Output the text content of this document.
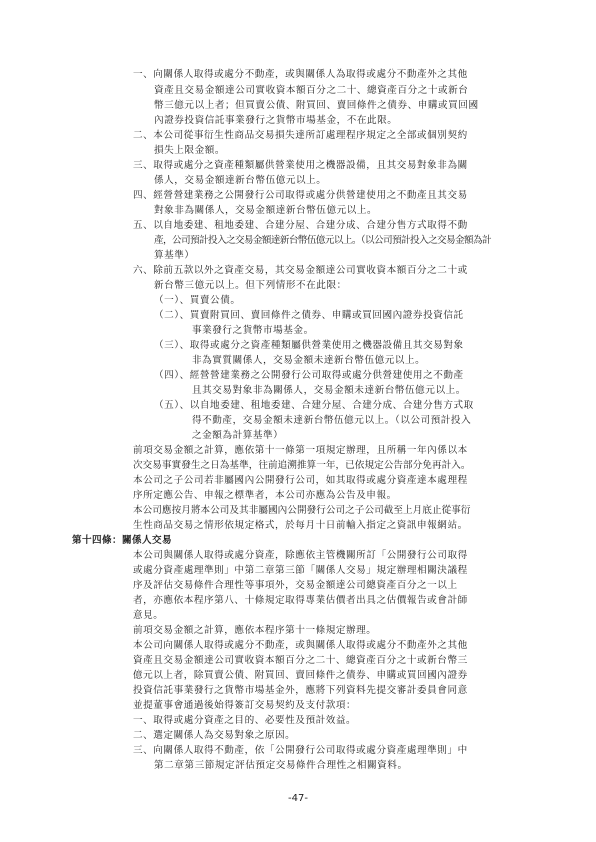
一、向關係人取得或處分不動產，或與關係人為取得或處分不動產外之其他
資產且交易金額達公司實收資本額百分之二十、總資產百分之十或新台
幣三億元以上者；但買賣公債、附買回、賣回條件之債券、申購或買回國
內證券投資信託事業發行之貨幣市場基金，不在此限。
二、本公司從事衍生性商品交易損失達所訂處理程序規定之全部或個別契約
損失上限金額。
三、取得或處分之資產種類屬供營業使用之機器設備，且其交易對象非為關
係人，交易金額達新台幣伍億元以上。
四、經營營建業務之公開發行公司取得或處分供營建使用之不動產且其交易
對象非為關係人，交易金額達新台幣伍億元以上。
五、以自地委建、租地委建、合建分屋、合建分成、合建分售方式取得不動
產，公司預計投入之交易金額達新台幣伍億元以上。（以公司預計投入之交易金額為計
算基準）
六、除前五款以外之資產交易，其交易金額達公司實收資本額百分之二十或
新台幣三億元以上。但下列情形不在此限：
（一）、買賣公債。
（二）、買賣附買回、賣回條件之債券、申購或買回國內證券投資信託
事業發行之貨幣市場基金。
（三）、取得或處分之資產種類屬供營業使用之機器設備且其交易對象
非為實質關係人，交易金額未達新台幣伍億元以上。
（四）、經營營建業務之公開發行公司取得或處分供營建使用之不動產
且其交易對象非為關係人，交易金額未達新台幣伍億元以上。
（五）、以自地委建、租地委建、合建分屋、合建分成、合建分售方式取
得不動產，交易金額未達新台幣伍億元以上。（以公司預計投入
之金額為計算基準）
前項交易金額之計算，應依第十一條第一項規定辦理，且所稱一年內係以本
次交易事實發生之日為基準，往前追溯推算一年，已依規定公告部分免再計入。
本公司之子公司若非屬國內公開發行公司，如其取得或處分資產達本處理程
序所定應公告、申報之標準者，本公司亦應為公告及申報。
本公司應按月將本公司及其非屬國內公開發行公司之子公司截至上月底止從事衍
生性商品交易之情形依規定格式，於每月十日前輸入指定之資訊申報網站。
第十四條：關係人交易
本公司與關係人取得或處分資產，除應依主管機關所訂「公開發行公司取得
或處分資產處理準則」中第二章第三節「關係人交易」規定辦理相關決議程
序及評估交易條件合理性等事項外，交易金額達公司總資產百分之一以上
者，亦應依本程序第八、十條規定取得專業估價者出具之估價報告或會計師
意見。
前項交易金額之計算，應依本程序第十一條規定辦理。
本公司向關係人取得或處分不動產，或與關係人取得或處分不動產外之其他
資產且交易金額達公司實收資本額百分之二十、總資產百分之十或新台幣三
億元以上者，除買賣公債、附買回、賣回條件之債券、申購或買回國內證券
投資信託事業發行之貨幣市場基金外，應將下列資料先提交審計委員會同意
並提董事會通過後始得簽訂交易契約及支付款項：
一、取得或處分資產之目的、必要性及預計效益。
二、選定關係人為交易對象之原因。
三、向關係人取得不動產，依「公開發行公司取得或處分資產處理準則」中
第二章第三節規定評估預定交易條件合理性之相關資料。
-47-
